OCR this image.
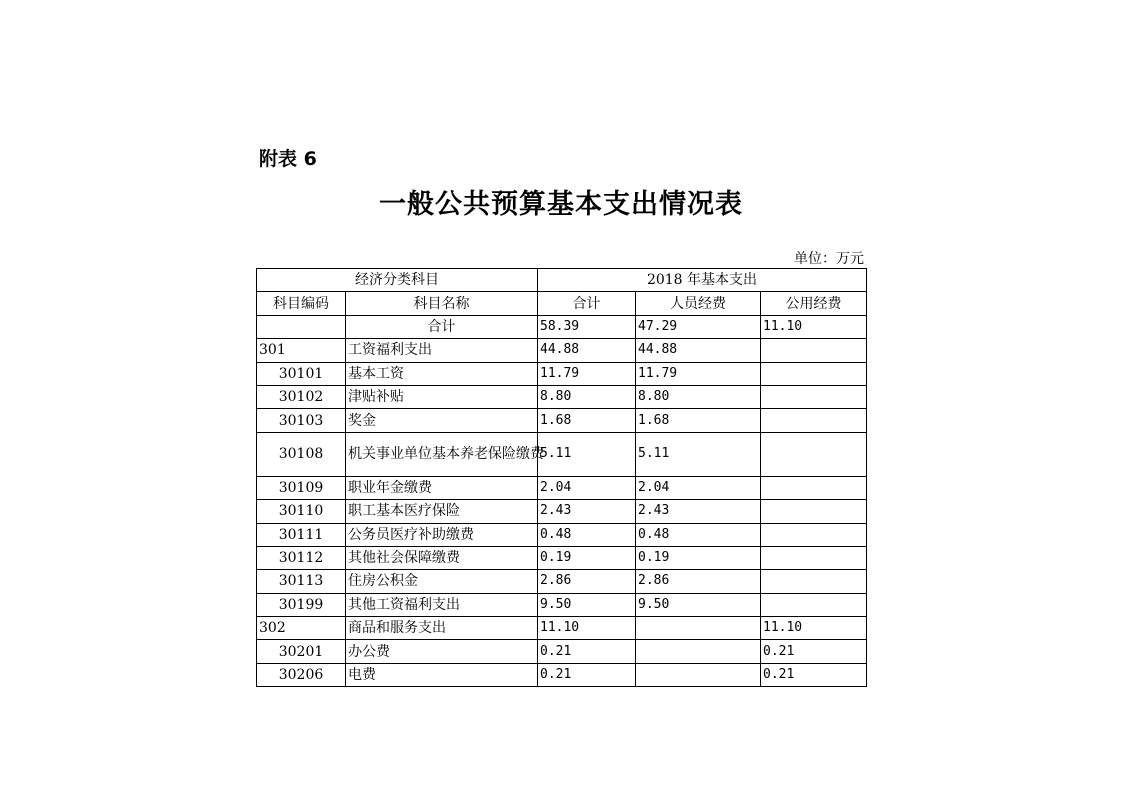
附表 6
一般公共预算基本支出情况表
单位：万元
经济分类科目		2018 年基本支出		
科目编码	科目名称	合计	人员经费	公用经费
	合计	58.39	47.29	11.10
301	工资福利支出	44.88	44.88	
30101	基本工资	11.79	11.79	
30102	津贴补贴	8.80	8.80	
30103	奖金	1.68	1.68	
30108	机关事业单位基本养老保险缴费	5.11	5.11	
30109	职业年金缴费	2.04	2.04	
30110	职工基本医疗保险	2.43	2.43	
30111	公务员医疗补助缴费	0.48	0.48	
30112	其他社会保障缴费	0.19	0.19	
30113	住房公积金	2.86	2.86	
30199	其他工资福利支出	9.50	9.50	
302	商品和服务支出	11.10		11.10
30201	办公费	0.21		0.21
30206	电费	0.21		0.21
